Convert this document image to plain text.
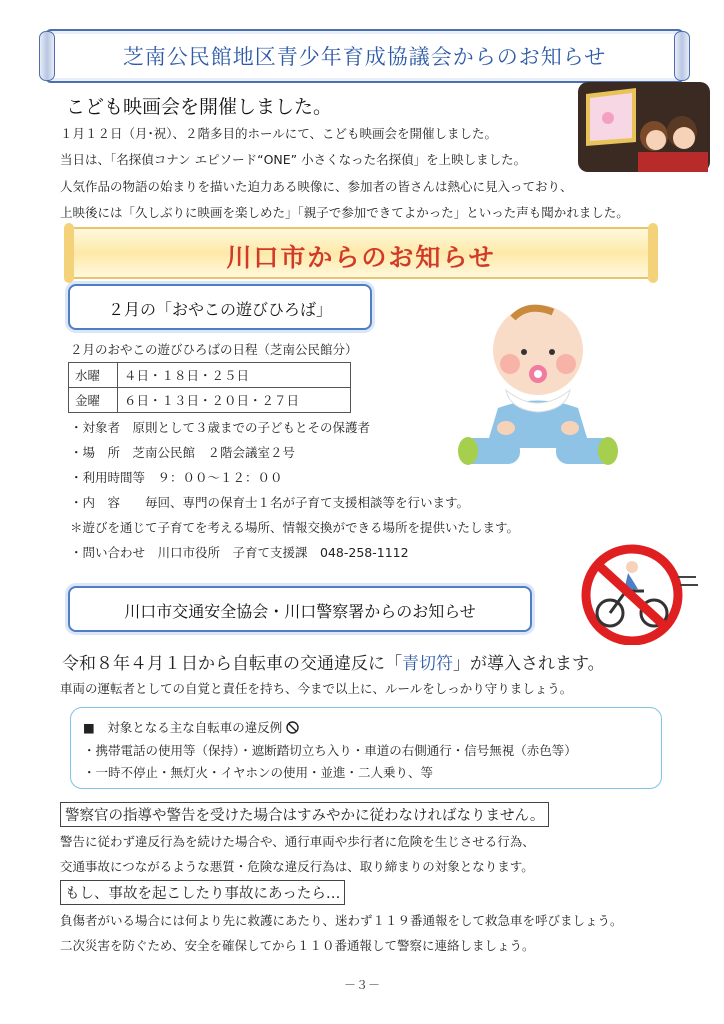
芝南公民館地区青少年育成協議会からのお知らせ
こども映画会を開催しました。
１月１２日（月･祝）、２階多目的ホールにて、こども映画会を開催しました。
当日は、「名探偵コナン エピソード“ONE” 小さくなった名探偵」を上映しました。
人気作品の物語の始まりを描いた迫力ある映像に、参加者の皆さんは熱心に見入っており、
上映後には「久しぶりに映画を楽しめた」「親子で参加できてよかった」といった声も聞かれました。
川口市からのお知らせ
２月の「おやこの遊びひろば」
２月のおやこの遊びひろばの日程（芝南公民館分）
水曜	４日・１８日・２５日
金曜	６日・１３日・２０日・２７日
・対象者　原則として３歳までの子どもとその保護者
・場　所　芝南公民館　２階会議室２号
・利用時間等　９：００～１２：００
・内　容　　毎回、専門の保育士１名が子育て支援相談等を行います。
＊遊びを通じて子育てを考える場所、情報交換ができる場所を提供いたします。
・問い合わせ　川口市役所　子育て支援課　048-258-1112
川口市交通安全協会・川口警察署からのお知らせ
令和８年４月１日から自転車の交通違反に「青切符」が導入されます。
車両の運転者としての自覚と責任を持ち、今まで以上に、ルールをしっかり守りましょう。
■　対象となる主な自転車の違反例
・携帯電話の使用等（保持）・遮断踏切立ち入り・車道の右側通行・信号無視（赤色等）
・一時不停止・無灯火・イヤホンの使用・並進・二人乗り、等
警察官の指導や警告を受けた場合はすみやかに従わなければなりません。
警告に従わず違反行為を続けた場合や、通行車両や歩行者に危険を生じさせる行為、
交通事故につながるような悪質・危険な違反行為は、取り締まりの対象となります。
もし、事故を起こしたり事故にあったら…
負傷者がいる場合には何より先に救護にあたり、迷わず１１９番通報をして救急車を呼びましょう。
二次災害を防ぐため、安全を確保してから１１０番通報して警察に連絡しましょう。
－３－
